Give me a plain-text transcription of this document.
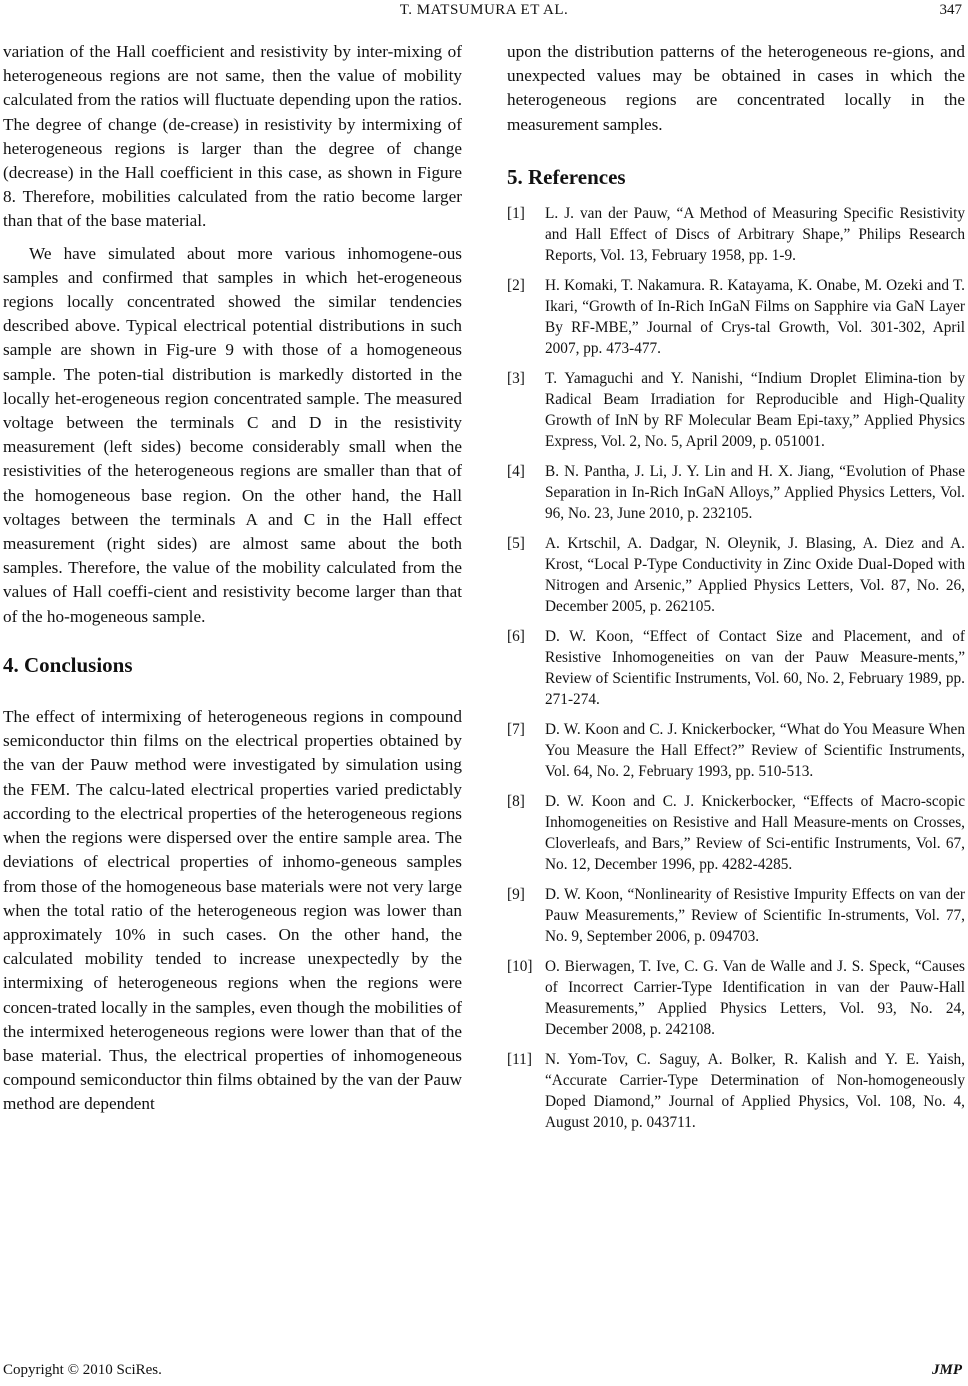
T. MATSUMURA ET AL.	347

variation of the Hall coefficient and resistivity by inter-mixing of heterogeneous regions are not same, then the value of mobility calculated from the ratios will fluctuate depending upon the ratios. The degree of change (de-crease) in resistivity by intermixing of heterogeneous regions is larger than the degree of change (decrease) in the Hall coefficient in this case, as shown in Figure 8. Therefore, mobilities calculated from the ratio become larger than that of the base material.

We have simulated about more various inhomogene-ous samples and confirmed that samples in which het-erogeneous regions locally concentrated showed the similar tendencies described above. Typical electrical potential distributions in such sample are shown in Fig-ure 9 with those of a homogeneous sample. The poten-tial distribution is markedly distorted in the locally het-erogeneous region concentrated sample. The measured voltage between the terminals C and D in the resistivity measurement (left sides) become considerably small when the resistivities of the heterogeneous regions are smaller than that of the homogeneous base region. On the other hand, the Hall voltages between the terminals A and C in the Hall effect measurement (right sides) are almost same about the both samples. Therefore, the value of the mobility calculated from the values of Hall coeffi-cient and resistivity become larger than that of the ho-mogeneous sample.

4. Conclusions

The effect of intermixing of heterogeneous regions in compound semiconductor thin films on the electrical properties obtained by the van der Pauw method were investigated by simulation using the FEM. The calcu-lated electrical properties varied predictably according to the electrical properties of the heterogeneous regions when the regions were dispersed over the entire sample area. The deviations of electrical properties of inhomo-geneous samples from those of the homogeneous base materials were not very large when the total ratio of the heterogeneous region was lower than approximately 10% in such cases. On the other hand, the calculated mobility tended to increase unexpectedly by the intermixing of heterogeneous regions when the regions were concen-trated locally in the samples, even though the mobilities of the intermixed heterogeneous regions were lower than that of the base material. Thus, the electrical properties of inhomogeneous compound semiconductor thin films obtained by the van der Pauw method are dependent

upon the distribution patterns of the heterogeneous re-gions, and unexpected values may be obtained in cases in which the heterogeneous regions are concentrated locally in the measurement samples.

5. References
[1]	L. J. van der Pauw, “A Method of Measuring Specific Resistivity and Hall Effect of Discs of Arbitrary Shape,” Philips Research Reports, Vol. 13, February 1958, pp. 1-9.
[2]	H. Komaki, T. Nakamura. R. Katayama, K. Onabe, M. Ozeki and T. Ikari, “Growth of In-Rich InGaN Films on Sapphire via GaN Layer By RF-MBE,” Journal of Crys-tal Growth, Vol. 301-302, April 2007, pp. 473-477.
[3]	T. Yamaguchi and Y. Nanishi, “Indium Droplet Elimina-tion by Radical Beam Irradiation for Reproducible and High-Quality Growth of InN by RF Molecular Beam Epi-taxy,” Applied Physics Express, Vol. 2, No. 5, April 2009, p. 051001.
[4]	B. N. Pantha, J. Li, J. Y. Lin and H. X. Jiang, “Evolution of Phase Separation in In-Rich InGaN Alloys,” Applied Physics Letters, Vol. 96, No. 23, June 2010, p. 232105.
[5]	A. Krtschil, A. Dadgar, N. Oleynik, J. Blasing, A. Diez and A. Krost, “Local P-Type Conductivity in Zinc Oxide Dual-Doped with Nitrogen and Arsenic,” Applied Physics Letters, Vol. 87, No. 26, December 2005, p. 262105.
[6]	D. W. Koon, “Effect of Contact Size and Placement, and of Resistive Inhomogeneities on van der Pauw Measure-ments,” Review of Scientific Instruments, Vol. 60, No. 2, February 1989, pp. 271-274.
[7]	D. W. Koon and C. J. Knickerbocker, “What do You Measure When You Measure the Hall Effect?” Review of Scientific Instruments, Vol. 64, No. 2, February 1993, pp. 510-513.
[8]	D. W. Koon and C. J. Knickerbocker, “Effects of Macro-scopic Inhomogeneities on Resistive and Hall Measure-ments on Crosses, Cloverleafs, and Bars,” Review of Sci-entific Instruments, Vol. 67, No. 12, December 1996, pp. 4282-4285.
[9]	D. W. Koon, “Nonlinearity of Resistive Impurity Effects on van der Pauw Measurements,” Review of Scientific In-struments, Vol. 77, No. 9, September 2006, p. 094703.
[10] O. Bierwagen, T. Ive, C. G. Van de Walle and J. S. Speck, “Causes of Incorrect Carrier-Type Identification in van der Pauw-Hall Measurements,” Applied Physics Letters, Vol. 93, No. 24, December 2008, p. 242108.
[11] N. Yom-Tov, C. Saguy, A. Bolker, R. Kalish and Y. E. Yaish, “Accurate Carrier-Type Determination of Non-homogeneously Doped Diamond,” Journal of Applied Physics, Vol. 108, No. 4, August 2010, p. 043711.
Copyright © 2010 SciRes.	JMP
